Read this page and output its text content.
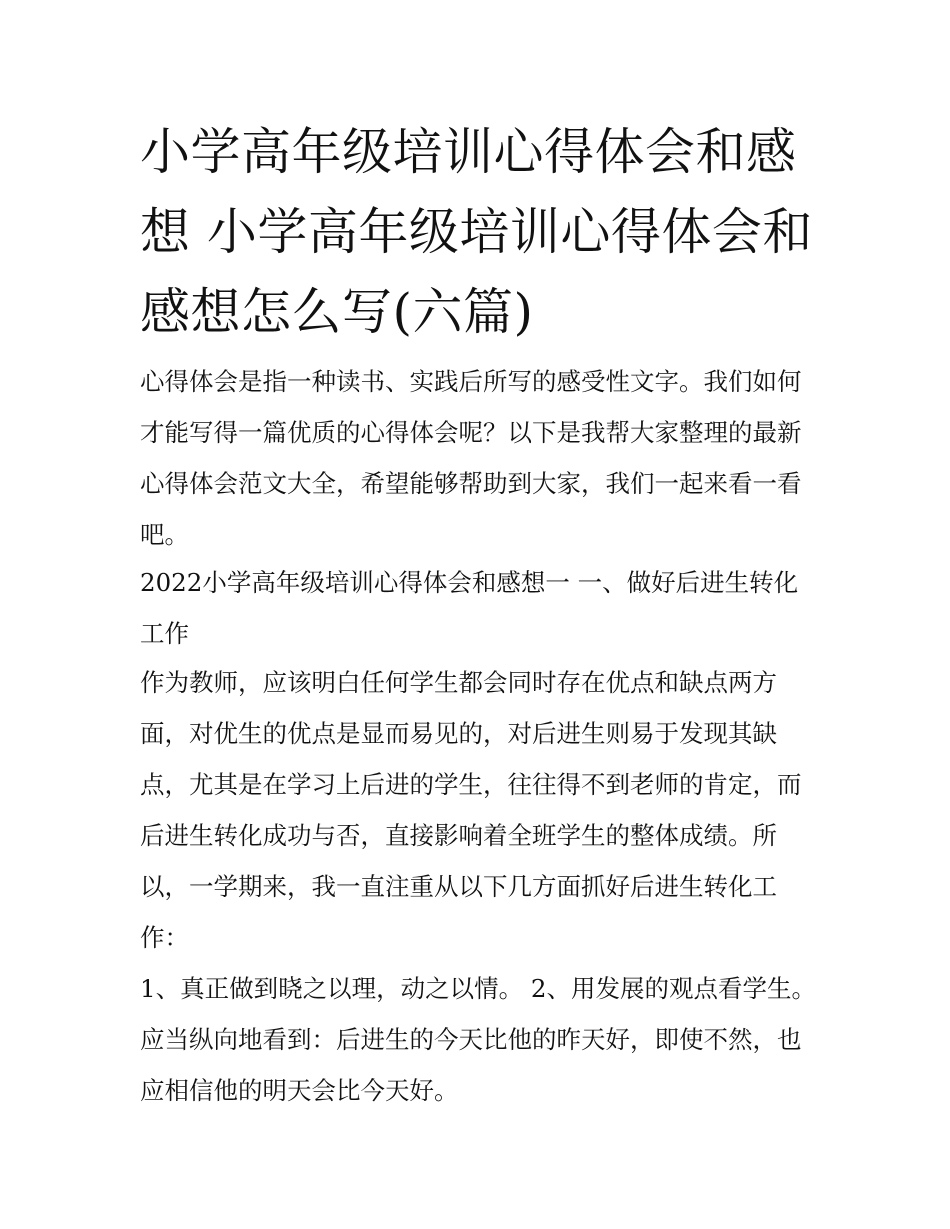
小学高年级培训心得体会和感想 小学高年级培训心得体会和感想怎么写(六篇)

心得体会是指一种读书、实践后所写的感受性文字。我们如何才能写得一篇优质的心得体会呢？以下是我帮大家整理的最新心得体会范文大全，希望能够帮助到大家，我们一起来看一看吧。

2022小学高年级培训心得体会和感想一 一、做好后进生转化工作

作为教师，应该明白任何学生都会同时存在优点和缺点两方面，对优生的优点是显而易见的，对后进生则易于发现其缺点，尤其是在学习上后进的学生，往往得不到老师的肯定，而后进生转化成功与否，直接影响着全班学生的整体成绩。所以，一学期来，我一直注重从以下几方面抓好后进生转化工作：

1、真正做到晓之以理，动之以情。 2、用发展的观点看学生。应当纵向地看到：后进生的今天比他的昨天好，即使不然，也应相信他的明天会比今天好。
